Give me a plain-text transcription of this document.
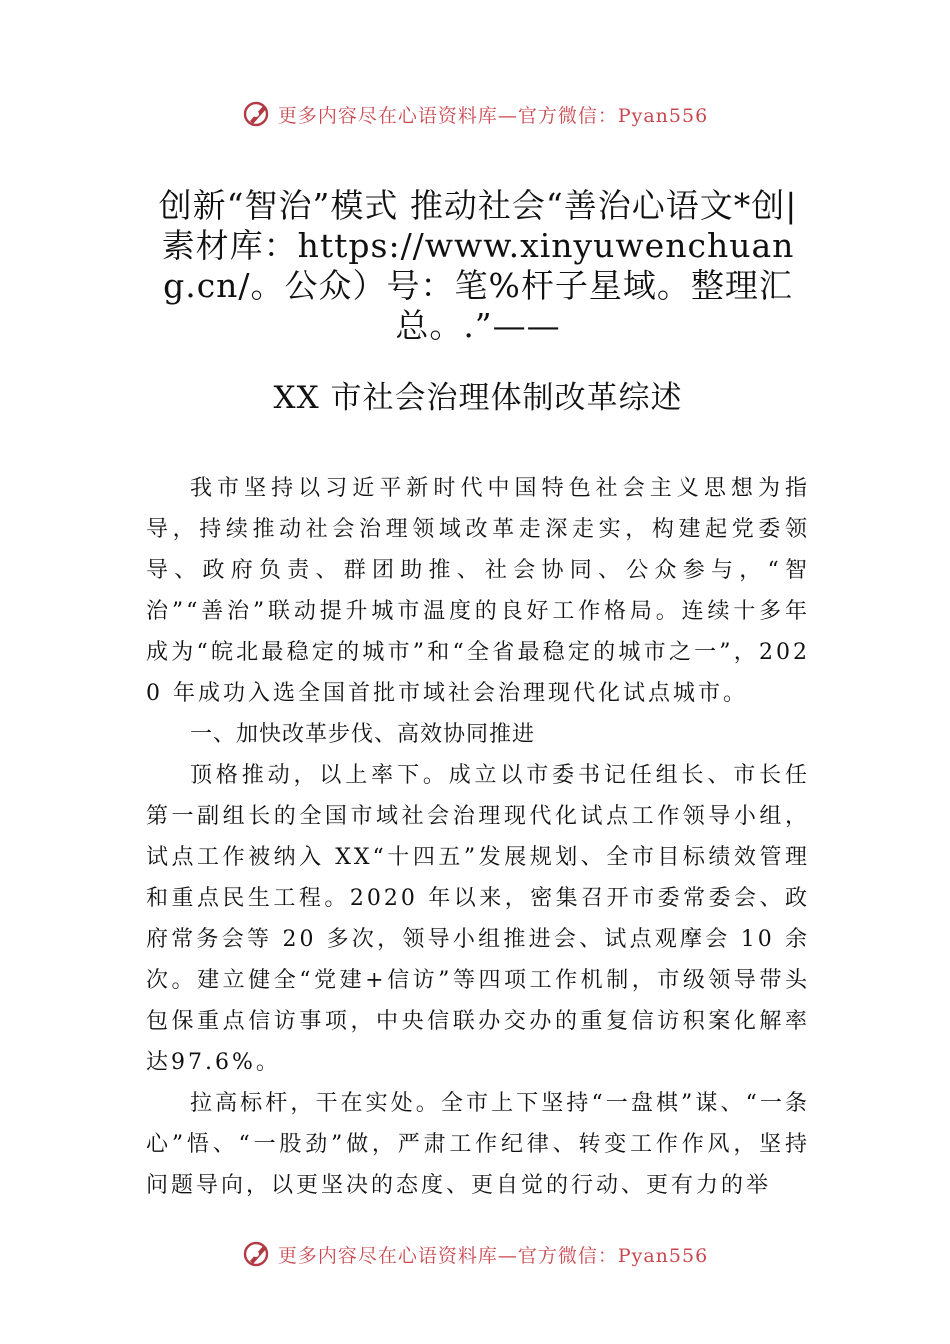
更多内容尽在心语资料库—官方微信：Pyan556
创新“智治”模式 推动社会“善治心语文*创|素材库：https://www.xinyuwenchuang.cn/。公众）号：笔%杆子星域。整理汇总。.”——
XX 市社会治理体制改革综述

我市坚持以习近平新时代中国特色社会主义思想为指导，持续推动社会治理领域改革走深走实，构建起党委领导、政府负责、群团助推、社会协同、公众参与，“智治”“善治”联动提升城市温度的良好工作格局。连续十多年成为“皖北最稳定的城市”和“全省最稳定的城市之一”，2020 年成功入选全国首批市域社会治理现代化试点城市。

一、加快改革步伐、高效协同推进

顶格推动，以上率下。成立以市委书记任组长、市长任第一副组长的全国市域社会治理现代化试点工作领导小组， 试点工作被纳入 XX“十四五”发展规划、全市目标绩效管理和重点民生工程。2020 年以来，密集召开市委常委会、政府常务会等 20 多次，领导小组推进会、试点观摩会 10 余次。建立健全“党建+信访”等四项工作机制，市级领导带头包保重点信访事项，中央信联办交办的重复信访积案化解率达97.6%。

拉高标杆，干在实处。全市上下坚持“一盘棋”谋、“一条心”悟、“一股劲”做，严肃工作纪律、转变工作作风，坚持问题导向，以更坚决的态度、更自觉的行动、更有力的举

更多内容尽在心语资料库—官方微信：Pyan556
